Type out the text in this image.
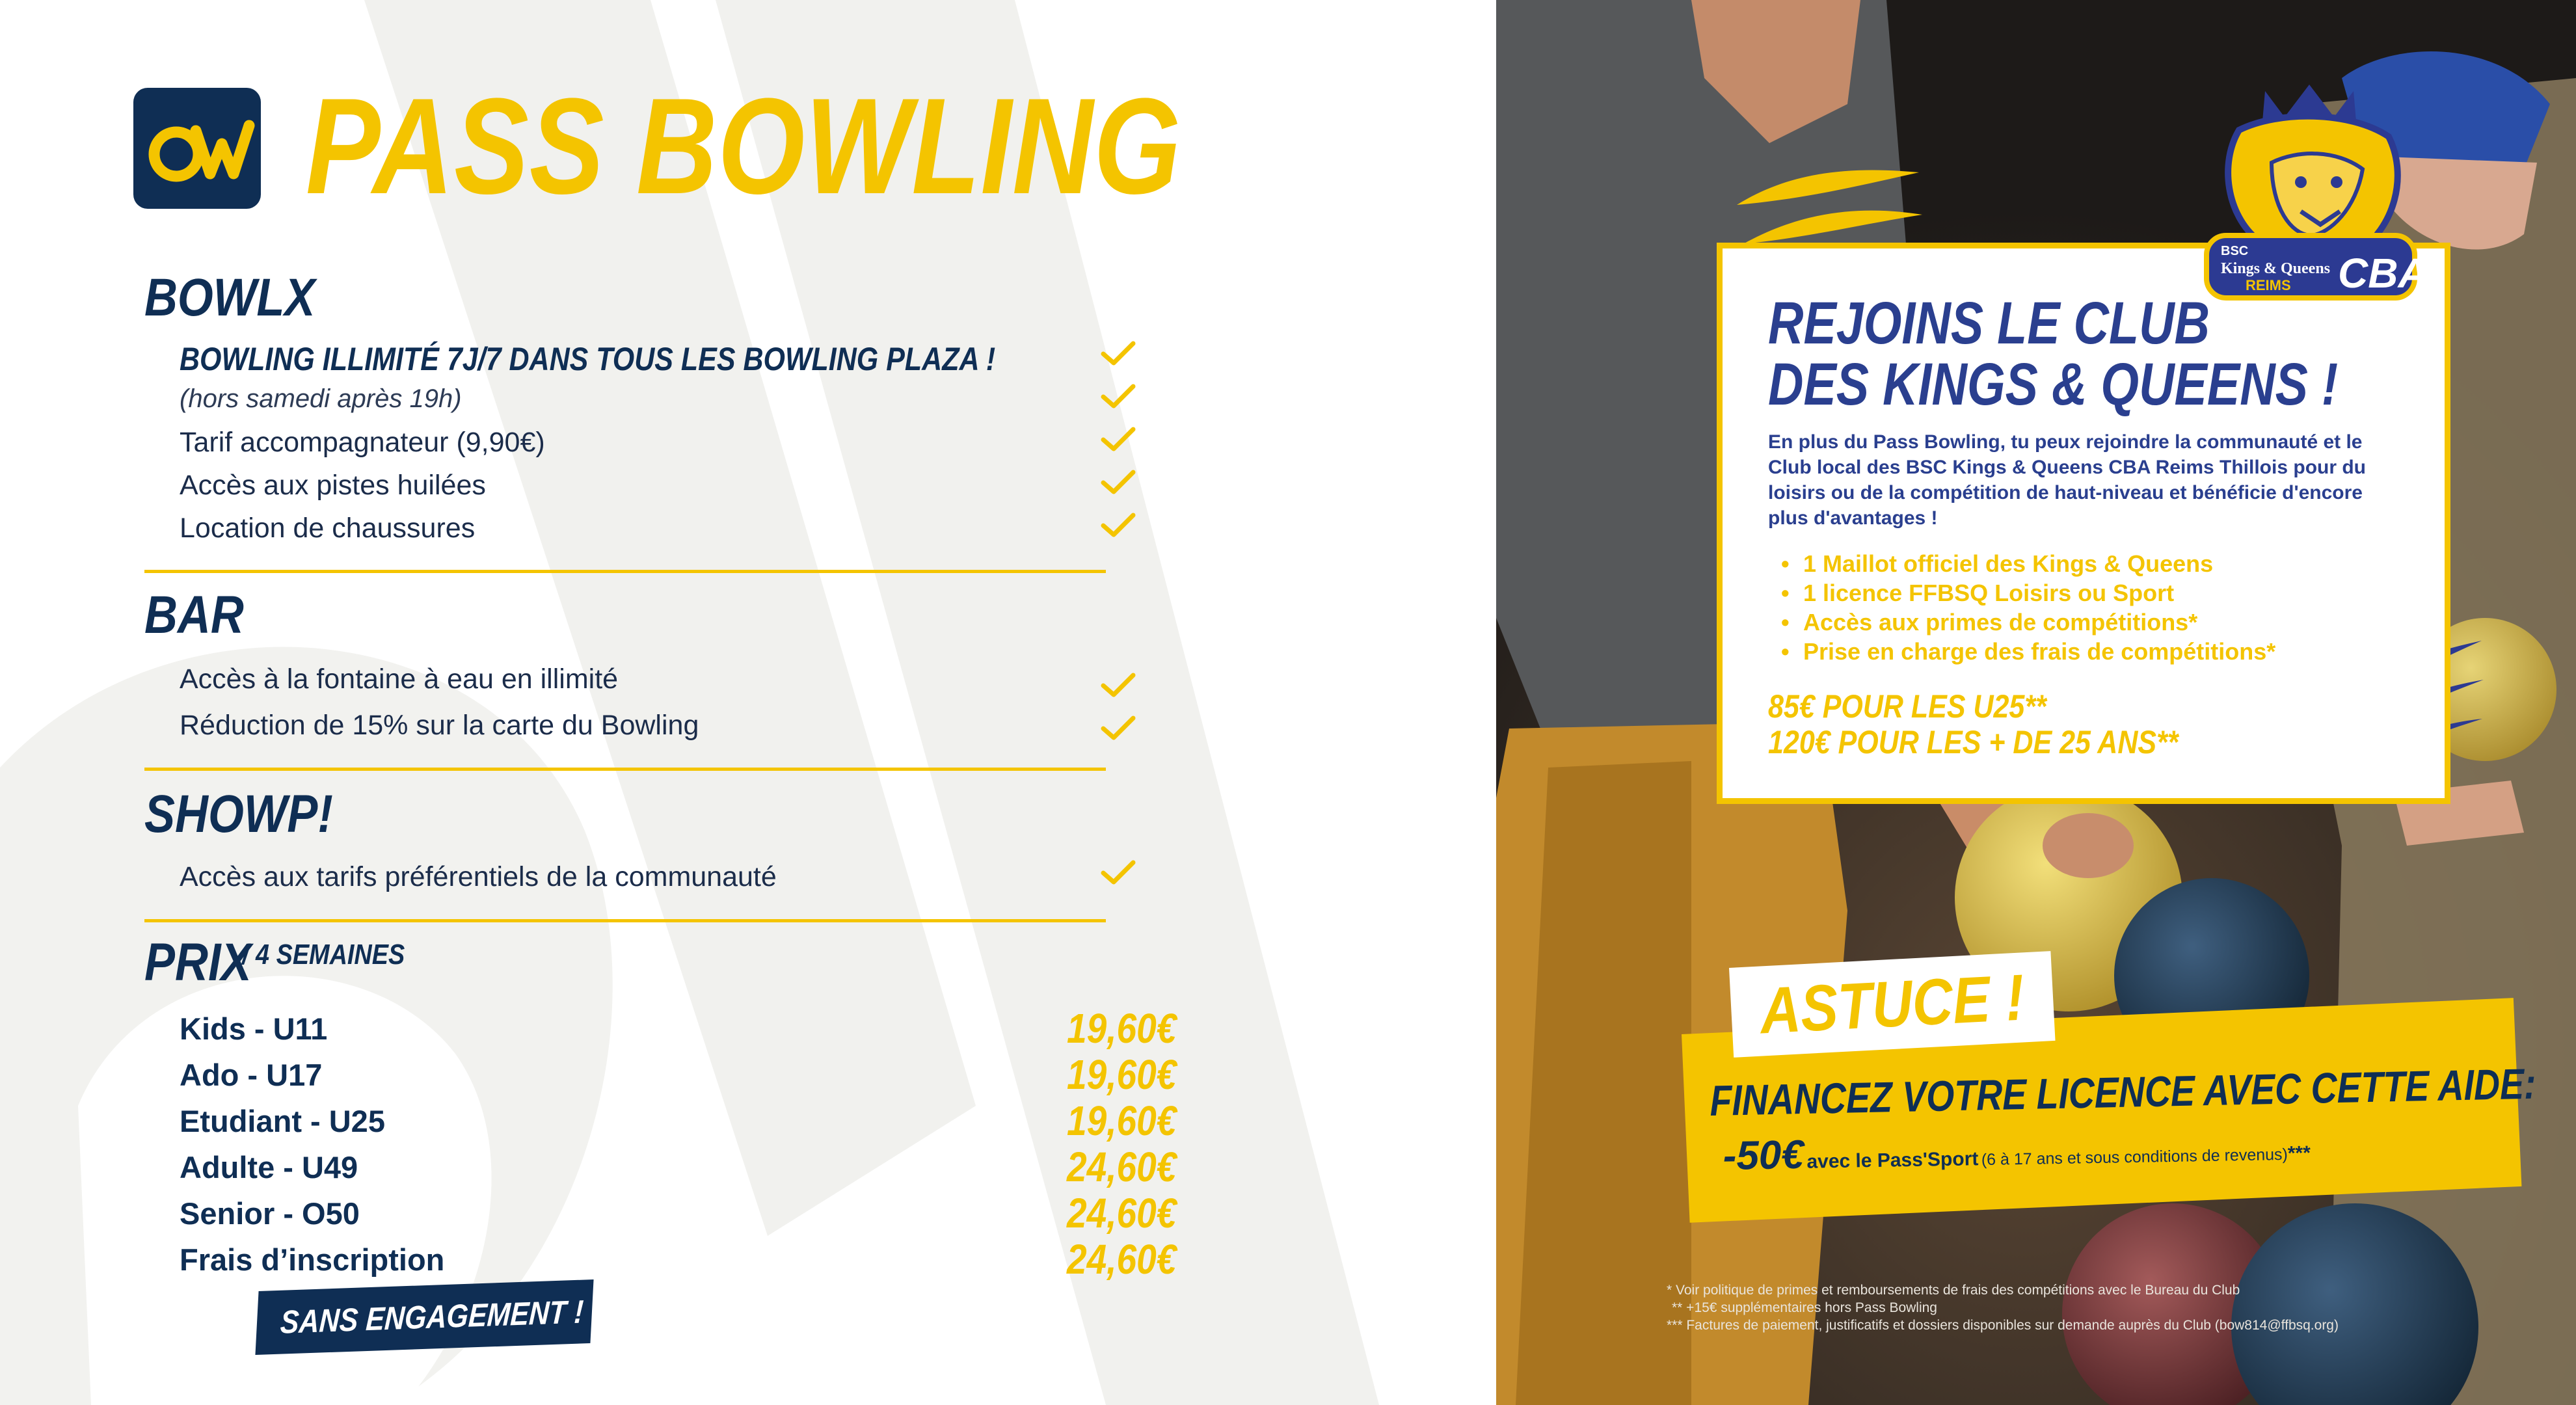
PASS BOWLING
BOWLX
BOWLING ILLIMITÉ 7J/7 DANS TOUS LES BOWLING PLAZA !
(hors samedi après 19h)
Tarif accompagnateur (9,90€)
Accès aux pistes huilées
Location de chaussures
BAR
Accès à la fontaine à eau en illimité
Réduction de 15% sur la carte du Bowling
SHOWP!
Accès aux tarifs préférentiels de la communauté
PRIX
/ 4 SEMAINES
Kids - U11	19,60€
Ado - U17	19,60€
Etudiant - U25	19,60€
Adulte - U49	24,60€
Senior - O50	24,60€
Frais d’inscription	24,60€
SANS ENGAGEMENT !
REJOINS LE CLUB
DES KINGS & QUEENS !

En plus du Pass Bowling, tu peux rejoindre la communauté et le Club local des BSC Kings & Queens CBA Reims Thillois pour du loisirs ou de la compétition de haut-niveau et bénéficie d'encore plus d'avantages !

• 1 Maillot officiel des Kings & Queens
• 1 licence FFBSQ Loisirs ou Sport
• Accès aux primes de compétitions*
• Prise en charge des frais de compétitions*
85€ POUR LES U25**
120€ POUR LES + DE 25 ANS**
BSC
Kings & Queens
REIMS CBA
ASTUCE !
FINANCEZ VOTRE LICENCE AVEC CETTE AIDE:
-50€ avec le Pass'Sport (6 à 17 ans et sous conditions de revenus)***
* Voir politique de primes et remboursements de frais des compétitions avec le Bureau du Club
** +15€ supplémentaires hors Pass Bowling
*** Factures de paiement, justificatifs et dossiers disponibles sur demande auprès du Club (bow814@ffbsq.org)
